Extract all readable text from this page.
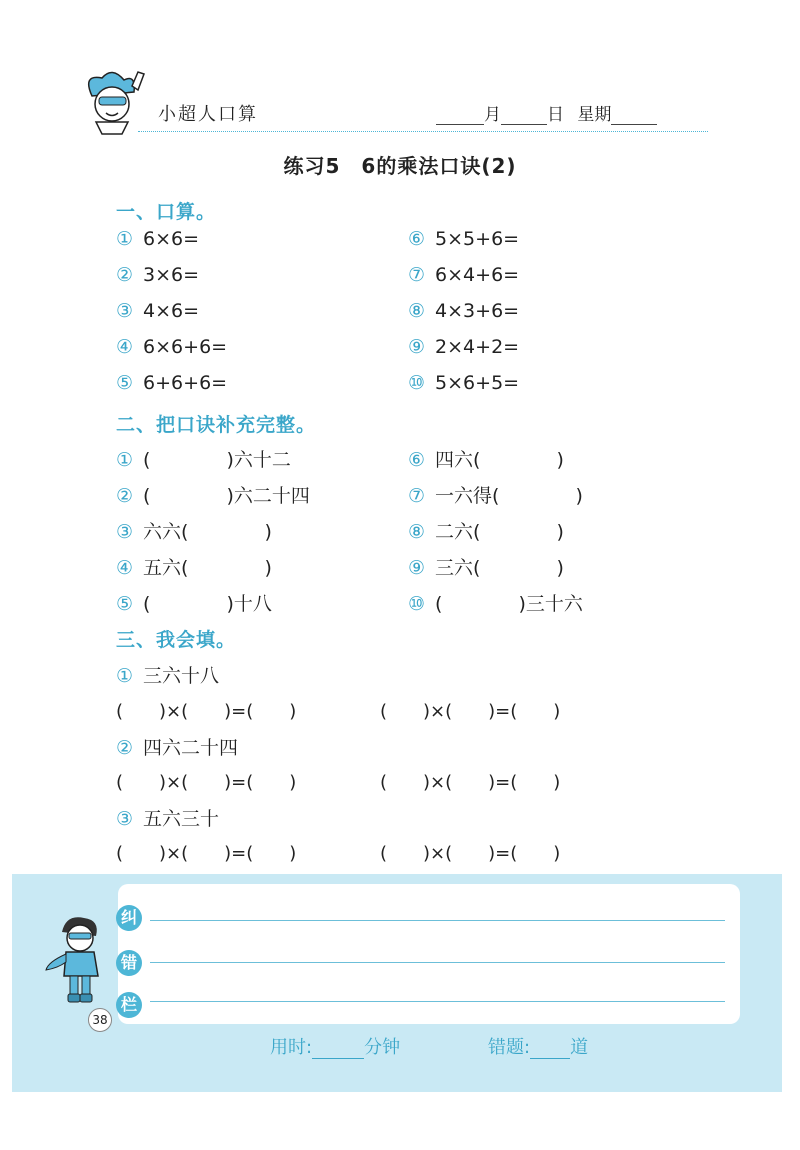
小超人口算	月	日 星期
练习5　6的乘法口诀(2)
一、口算。
① 6×6=
② 3×6=
③ 4×6=
④ 6×6+6=
⑤ 6+6+6=
⑥ 5×5+6=
⑦ 6×4+6=
⑧ 4×3+6=
⑨ 2×4+2=
⑩ 5×6+5=
二、把口诀补充完整。
① (　　　　)六十二
② (　　　　)六二十四
③ 六六(　　　　)
④ 五六(　　　　)
⑤ (　　　　)十八
⑥ 四六(　　　　)
⑦ 一六得(　　　　)
⑧ 二六(　　　　)
⑨ 三六(　　　　)
⑩ (　　　　)三十六
三、我会填。
① 三六十八
(　　)×(　　)=(　　)	(　　)×(　　)=(　　)
② 四六二十四
(　　)×(　　)=(　　)	(　　)×(　　)=(　　)
③ 五六三十
(　　)×(　　)=(　　)	(　　)×(　　)=(　　)
纠
错
栏
38
用时:	分钟	错题: 道
